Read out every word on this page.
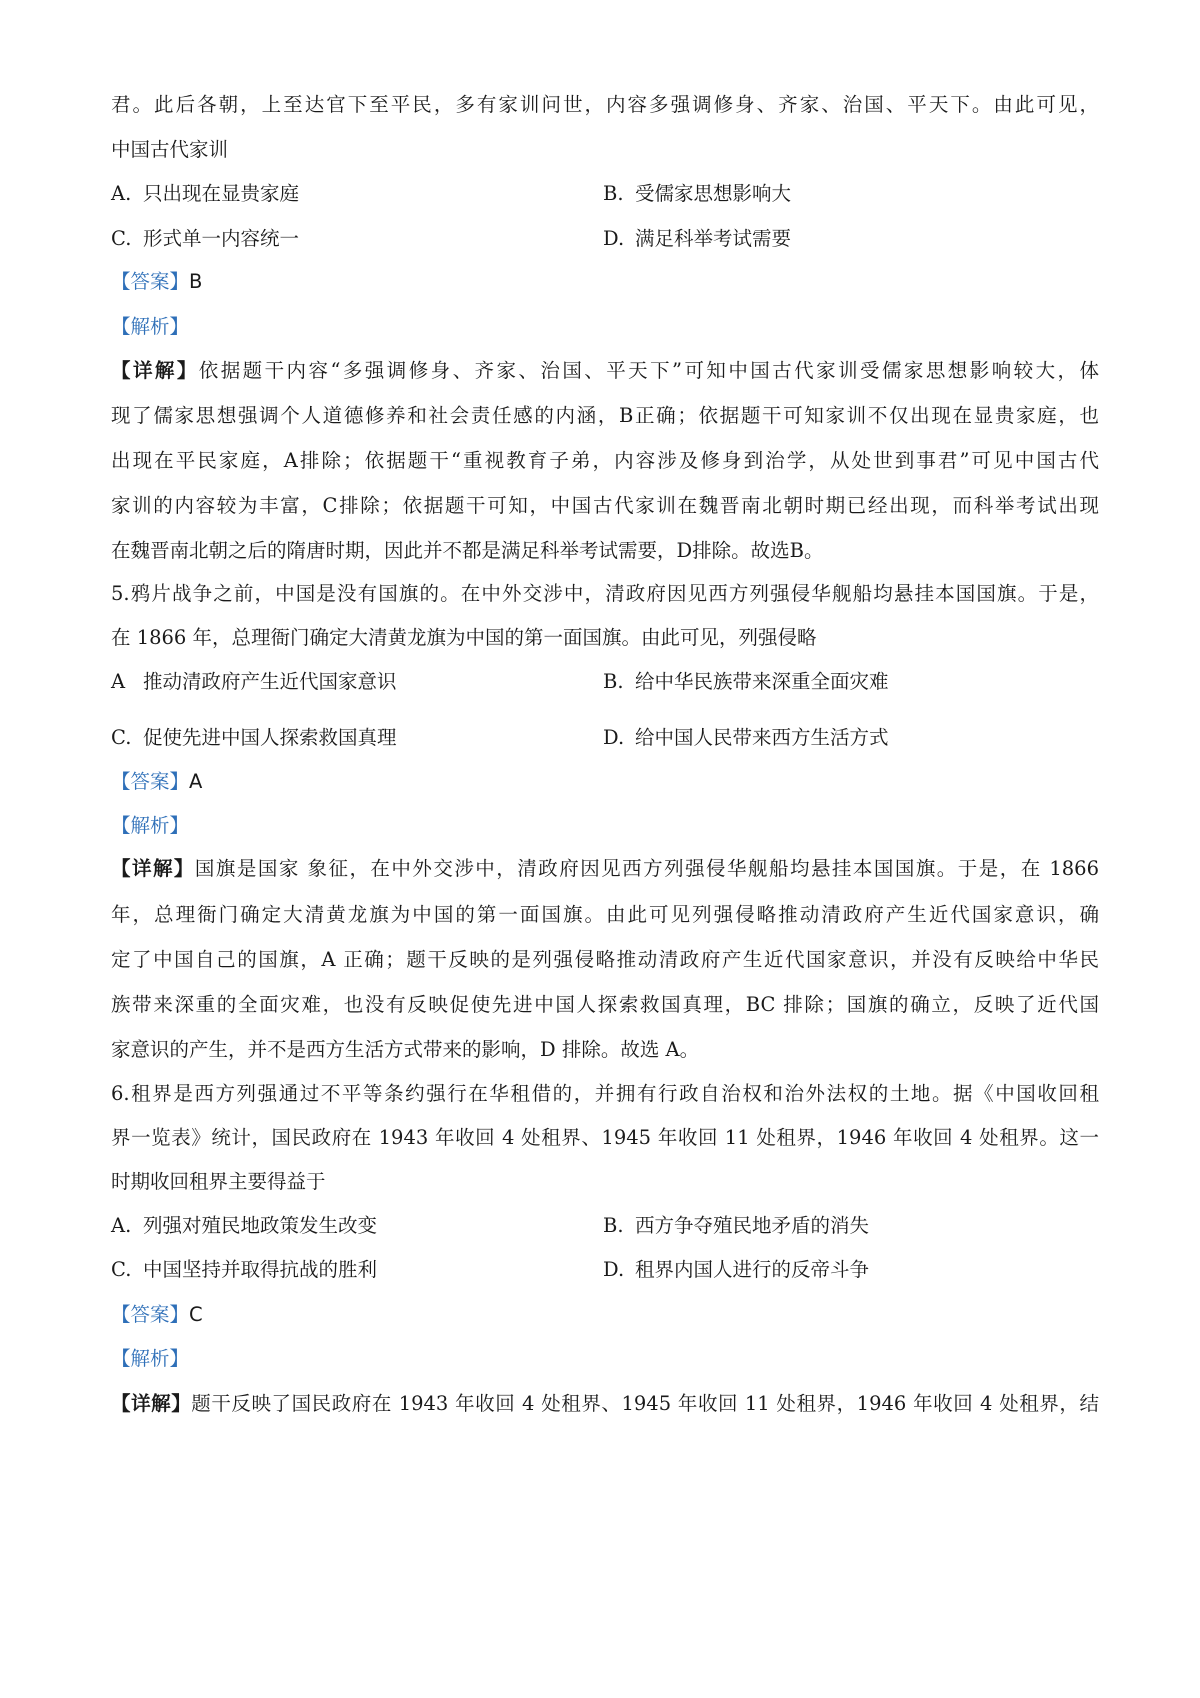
君。此后各朝，上至达官下至平民，多有家训问世，内容多强调修身、齐家、治国、平天下。由此可见，
中国古代家训
A. 只出现在显贵家庭	B. 受儒家思想影响大
C. 形式单一内容统一	D. 满足科举考试需要
【答案】B
【解析】
【详解】依据题干内容“多强调修身、齐家、治国、平天下”可知中国古代家训受儒家思想影响较大，体
现了儒家思想强调个人道德修养和社会责任感的内涵，B正确；依据题干可知家训不仅出现在显贵家庭，也
出现在平民家庭，A排除；依据题干“重视教育子弟，内容涉及修身到治学，从处世到事君”可见中国古代
家训的内容较为丰富，C排除；依据题干可知，中国古代家训在魏晋南北朝时期已经出现，而科举考试出现
在魏晋南北朝之后的隋唐时期，因此并不都是满足科举考试需要，D排除。故选B。
5.鸦片战争之前，中国是没有国旗的。在中外交涉中，清政府因见西方列强侵华舰船均悬挂本国国旗。于是，
在 1866 年，总理衙门确定大清黄龙旗为中国的第一面国旗。由此可见，列强侵略
A 推动清政府产生近代国家意识	B. 给中华民族带来深重全面灾难
C. 促使先进中国人探索救国真理	D. 给中国人民带来西方生活方式
【答案】A
【解析】
【详解】国旗是国家 象征，在中外交涉中，清政府因见西方列强侵华舰船均悬挂本国国旗。于是，在 1866
年，总理衙门确定大清黄龙旗为中国的第一面国旗。由此可见列强侵略推动清政府产生近代国家意识，确
定了中国自己的国旗，A 正确；题干反映的是列强侵略推动清政府产生近代国家意识，并没有反映给中华民
族带来深重的全面灾难，也没有反映促使先进中国人探索救国真理，BC 排除；国旗的确立，反映了近代国
家意识的产生，并不是西方生活方式带来的影响，D 排除。故选 A。
6.租界是西方列强通过不平等条约强行在华租借的，并拥有行政自治权和治外法权的土地。据《中国收回租
界一览表》统计，国民政府在 1943 年收回 4 处租界、1945 年收回 11 处租界，1946 年收回 4 处租界。这一
时期收回租界主要得益于
A. 列强对殖民地政策发生改变	B. 西方争夺殖民地矛盾的消失
C. 中国坚持并取得抗战的胜利	D. 租界内国人进行的反帝斗争
【答案】C
【解析】
【详解】题干反映了国民政府在 1943 年收回 4 处租界、1945 年收回 11 处租界，1946 年收回 4 处租界，结
